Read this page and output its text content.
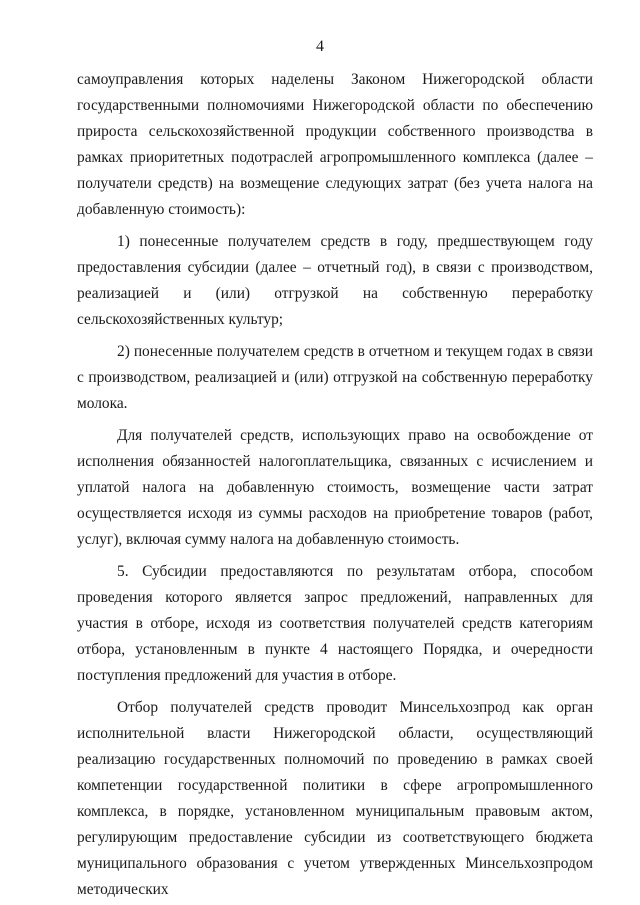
4

самоуправления которых наделены Законом Нижегородской области государственными полномочиями Нижегородской области по обеспечению прироста сельскохозяйственной продукции собственного производства в рамках приоритетных подотраслей агропромышленного комплекса (далее – получатели средств) на возмещение следующих затрат (без учета налога на добавленную стоимость):

1) понесенные получателем средств в году, предшествующем году предоставления субсидии (далее – отчетный год), в связи с производством, реализацией и (или) отгрузкой на собственную переработку сельскохозяйственных культур;

2) понесенные получателем средств в отчетном и текущем годах в связи с производством, реализацией и (или) отгрузкой на собственную переработку молока.

Для получателей средств, использующих право на освобождение от исполнения обязанностей налогоплательщика, связанных с исчислением и уплатой налога на добавленную стоимость, возмещение части затрат осуществляется исходя из суммы расходов на приобретение товаров (работ, услуг), включая сумму налога на добавленную стоимость.

5. Субсидии предоставляются по результатам отбора, способом проведения которого является запрос предложений, направленных для участия в отборе, исходя из соответствия получателей средств категориям отбора, установленным в пункте 4 настоящего Порядка, и очередности поступления предложений для участия в отборе.

Отбор получателей средств проводит Минсельхозпрод как орган исполнительной власти Нижегородской области, осуществляющий реализацию государственных полномочий по проведению в рамках своей компетенции государственной политики в сфере агропромышленного комплекса, в порядке, установленном муниципальным правовым актом, регулирующим предоставление субсидии из соответствующего бюджета муниципального образования с учетом утвержденных Минсельхозпродом методических
